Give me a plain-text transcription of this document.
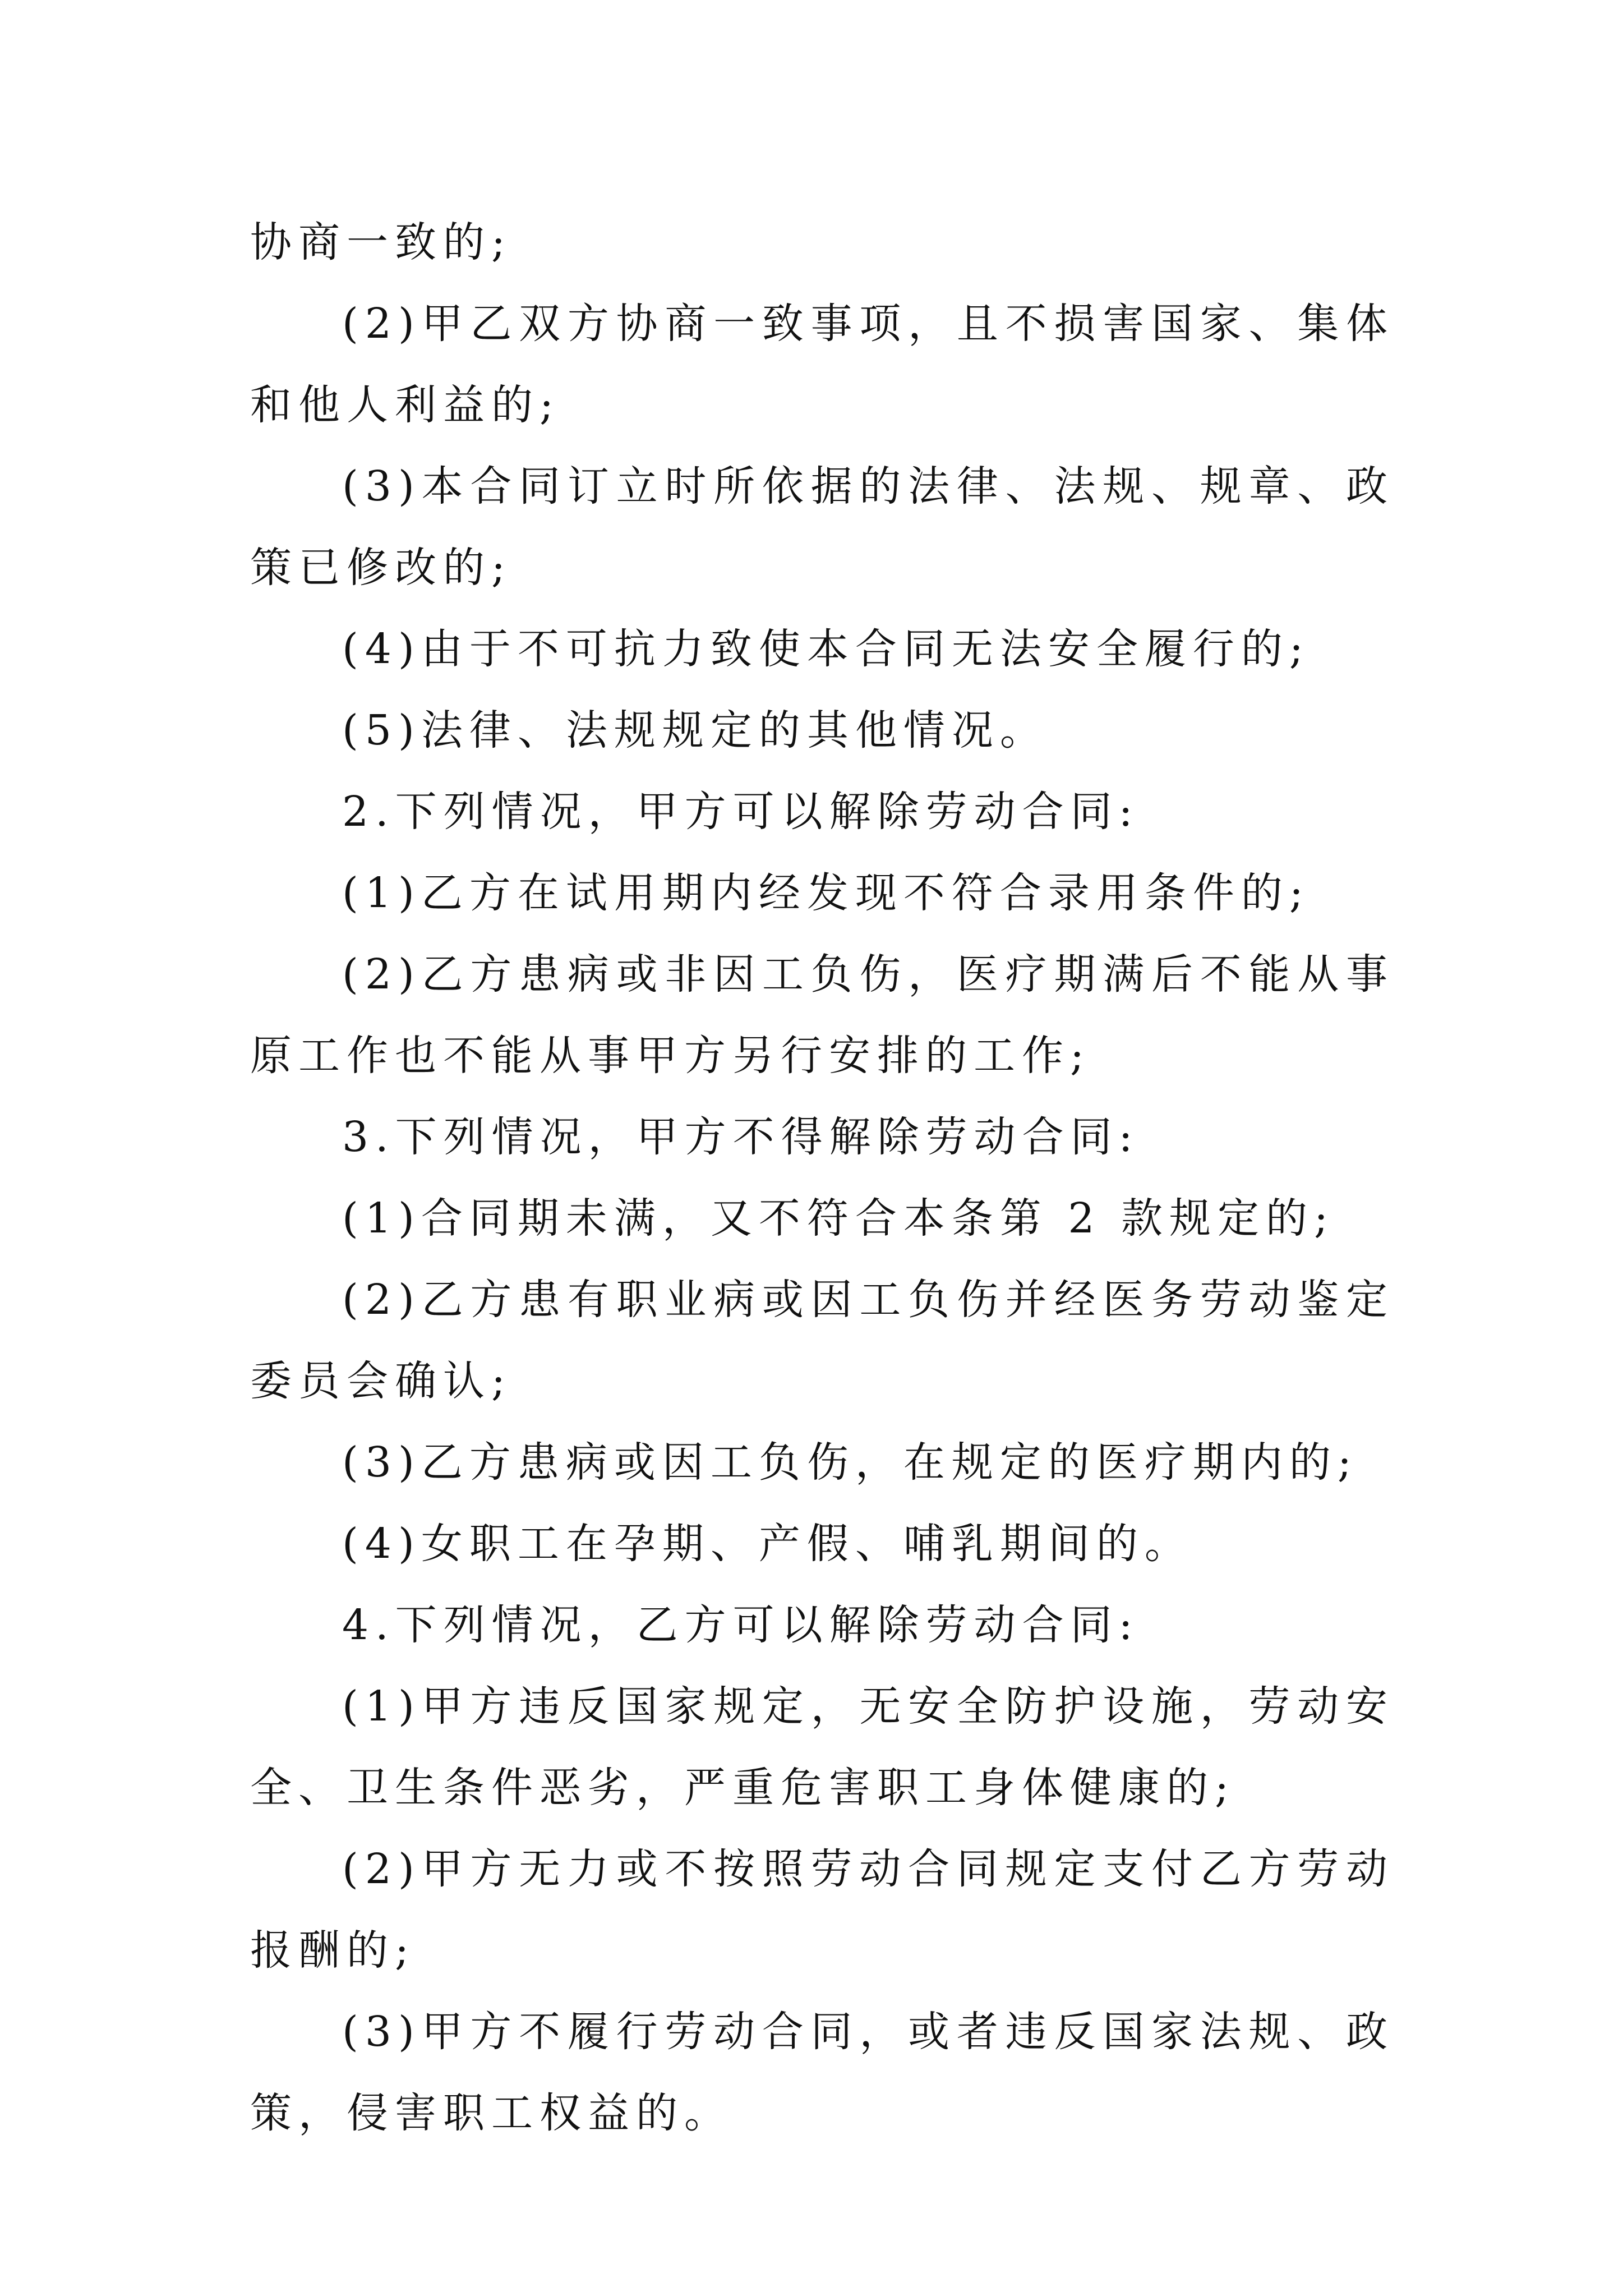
协商一致的;

(2)甲乙双方协商一致事项，且不损害国家、集体和他人利益的;

(3)本合同订立时所依据的法律、法规、规章、政策已修改的;

(4)由于不可抗力致使本合同无法安全履行的;

(5)法律、法规规定的其他情况。

2.下列情况，甲方可以解除劳动合同:

(1)乙方在试用期内经发现不符合录用条件的;

(2)乙方患病或非因工负伤，医疗期满后不能从事原工作也不能从事甲方另行安排的工作;

3.下列情况，甲方不得解除劳动合同:

(1)合同期未满，又不符合本条第 2 款规定的;

(2)乙方患有职业病或因工负伤并经医务劳动鉴定委员会确认;

(3)乙方患病或因工负伤，在规定的医疗期内的;

(4)女职工在孕期、产假、哺乳期间的。

4.下列情况，乙方可以解除劳动合同:

(1)甲方违反国家规定，无安全防护设施，劳动安全、卫生条件恶劣，严重危害职工身体健康的;

(2)甲方无力或不按照劳动合同规定支付乙方劳动报酬的;

(3)甲方不履行劳动合同，或者违反国家法规、政策，侵害职工权益的。
